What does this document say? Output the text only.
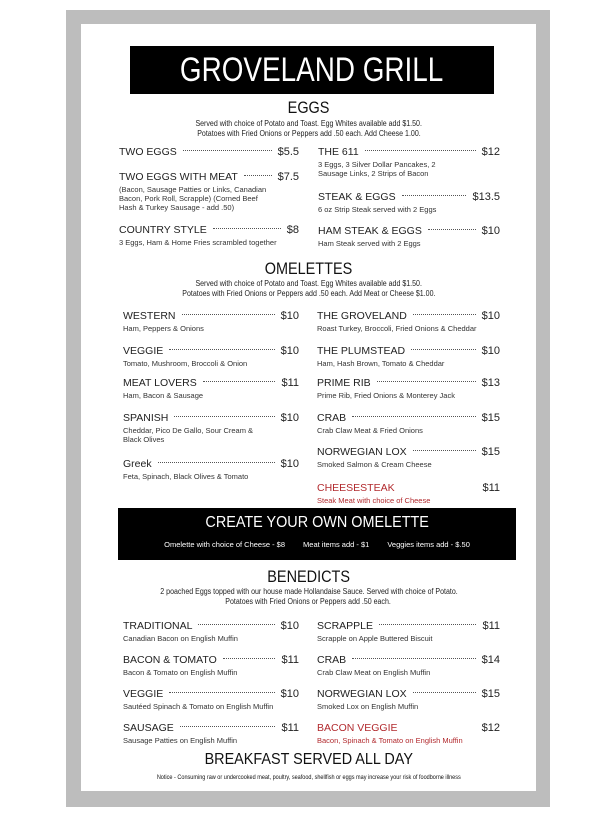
GROVELAND GRILL
EGGS
Served with choice of Potato and Toast. Egg Whites available add $1.50.
Potatoes with Fried Onions or Peppers add .50 each. Add Cheese 1.00.
TWO EGGS	$5.5
TWO EGGS WITH MEAT	$7.5
(Bacon, Sausage Patties or Links, Canadian Bacon, Pork Roll, Scrapple) (Corned Beef Hash & Turkey Sausage - add .50)
COUNTRY STYLE	$8
3 Eggs, Ham & Home Fries scrambled together
THE 611	$12
3 Eggs, 3 Silver Dollar Pancakes, 2 Sausage Links, 2 Strips of Bacon
STEAK & EGGS	$13.5
6 oz Strip Steak served with 2 Eggs
HAM STEAK & EGGS	$10
Ham Steak served with 2 Eggs
OMELETTES
Served with choice of Potato and Toast. Egg Whites available add $1.50.
Potatoes with Fried Onions or Peppers add .50 each. Add Meat or Cheese $1.00.
WESTERN	$10
Ham, Peppers & Onions
VEGGIE	$10
Tomato, Mushroom, Broccoli & Onion
MEAT LOVERS	$11
Ham, Bacon & Sausage
SPANISH	$10
Cheddar, Pico De Gallo, Sour Cream & Black Olives
Greek	$10
Feta, Spinach, Black Olives & Tomato
THE GROVELAND	$10
Roast Turkey, Broccoli, Fried Onions & Cheddar
THE PLUMSTEAD	$10
Ham, Hash Brown, Tomato & Cheddar
PRIME RIB	$13
Prime Rib, Fried Onions & Monterey Jack
CRAB	$15
Crab Claw Meat & Fried Onions
NORWEGIAN LOX	$15
Smoked Salmon & Cream Cheese
CHEESESTEAK	$11
Steak Meat with choice of Cheese
CREATE YOUR OWN OMELETTE
Omelette with choice of Cheese - $8 Meat items add - $1 Veggies items add - $.50
BENEDICTS
2 poached Eggs topped with our house made Hollandaise Sauce. Served with choice of Potato.
Potatoes with Fried Onions or Peppers add .50 each.
TRADITIONAL	$10
Canadian Bacon on English Muffin
BACON & TOMATO	$11
Bacon & Tomato on English Muffin
VEGGIE	$10
Sautéed Spinach & Tomato on English Muffin
SAUSAGE	$11
Sausage Patties on English Muffin
SCRAPPLE	$11
Scrapple on Apple Buttered Biscuit
CRAB	$14
Crab Claw Meat on English Muffin
NORWEGIAN LOX	$15
Smoked Lox on English Muffin
BACON VEGGIE	$12
Bacon, Spinach & Tomato on English Muffin
BREAKFAST SERVED ALL DAY
Notice - Consuming raw or undercooked meat, poultry, seafood, shellfish or eggs may increase your risk of foodborne illness
